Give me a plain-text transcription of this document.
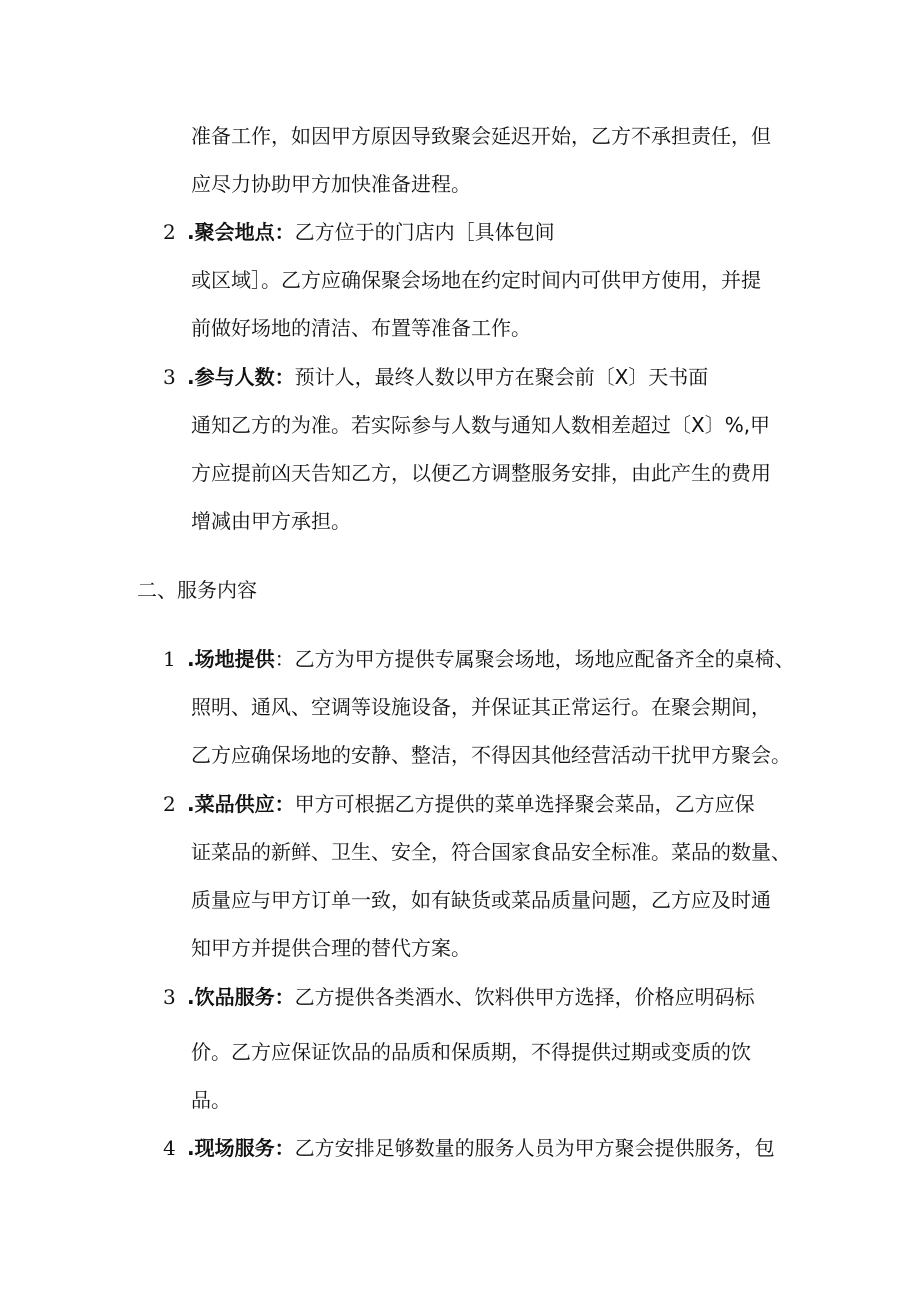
准备工作，如因甲方原因导致聚会延迟开始，乙方不承担责任，但
应尽力协助甲方加快准备进程。
2 .聚会地点：乙方位于的门店内［具体包间
或区域］。乙方应确保聚会场地在约定时间内可供甲方使用，并提
前做好场地的清洁、布置等准备工作。
3 .参与人数：预计人，最终人数以甲方在聚会前〔X〕天书面
通知乙方的为准。若实际参与人数与通知人数相差超过〔X〕%,甲
方应提前凶天告知乙方，以便乙方调整服务安排，由此产生的费用
增减由甲方承担。
二、服务内容
1 .场地提供：乙方为甲方提供专属聚会场地，场地应配备齐全的桌椅、
照明、通风、空调等设施设备，并保证其正常运行。在聚会期间，
乙方应确保场地的安静、整洁，不得因其他经营活动干扰甲方聚会。
2 .菜品供应：甲方可根据乙方提供的菜单选择聚会菜品，乙方应保
证菜品的新鲜、卫生、安全，符合国家食品安全标准。菜品的数量、
质量应与甲方订单一致，如有缺货或菜品质量问题，乙方应及时通
知甲方并提供合理的替代方案。
3 .饮品服务：乙方提供各类酒水、饮料供甲方选择，价格应明码标
价。乙方应保证饮品的品质和保质期，不得提供过期或变质的饮
品。
4 .现场服务：乙方安排足够数量的服务人员为甲方聚会提供服务，包
